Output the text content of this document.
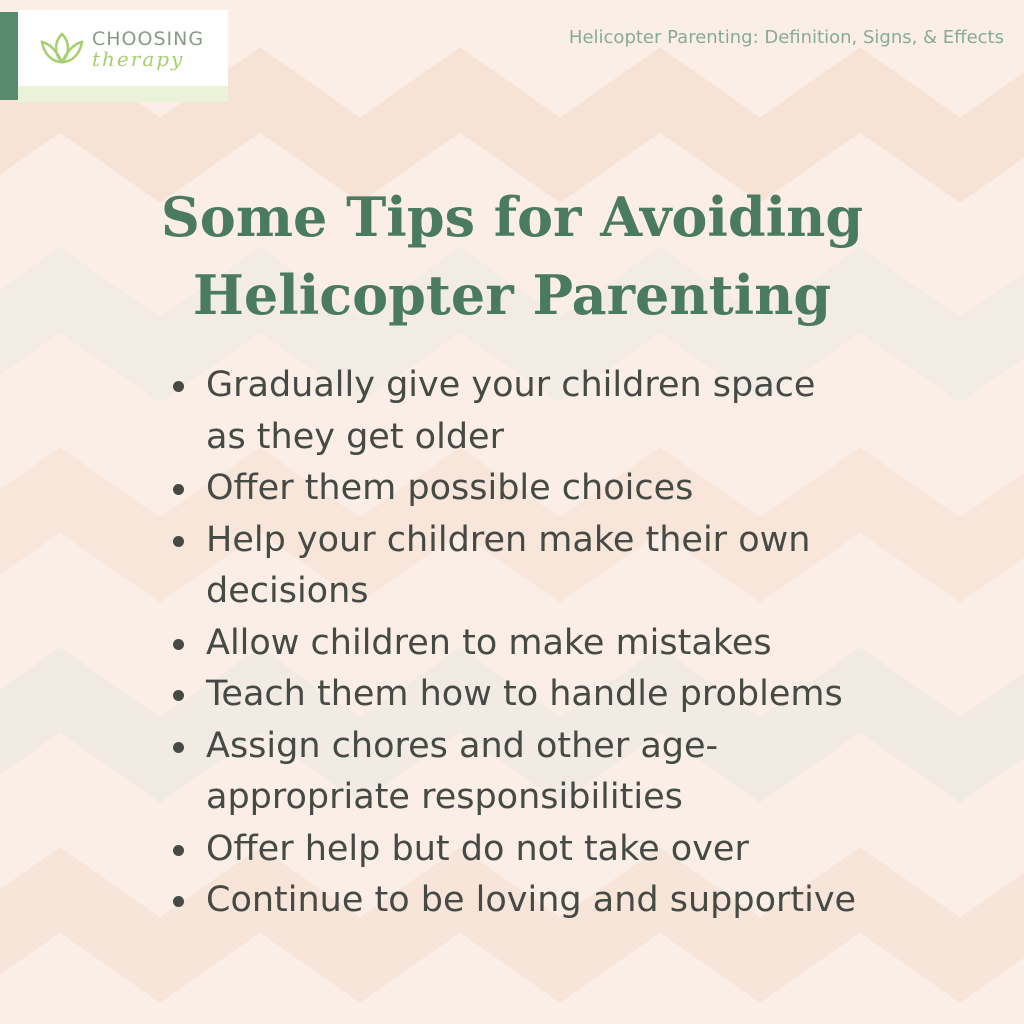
CHOOSING
therapy
Helicopter Parenting: Definition, Signs, & Effects
Some Tips for Avoiding
Helicopter Parenting
Gradually give your children space as they get older
Offer them possible choices
Help your children make their own decisions
Allow children to make mistakes
Teach them how to handle problems
Assign chores and other age-appropriate responsibilities
Offer help but do not take over
Continue to be loving and supportive
